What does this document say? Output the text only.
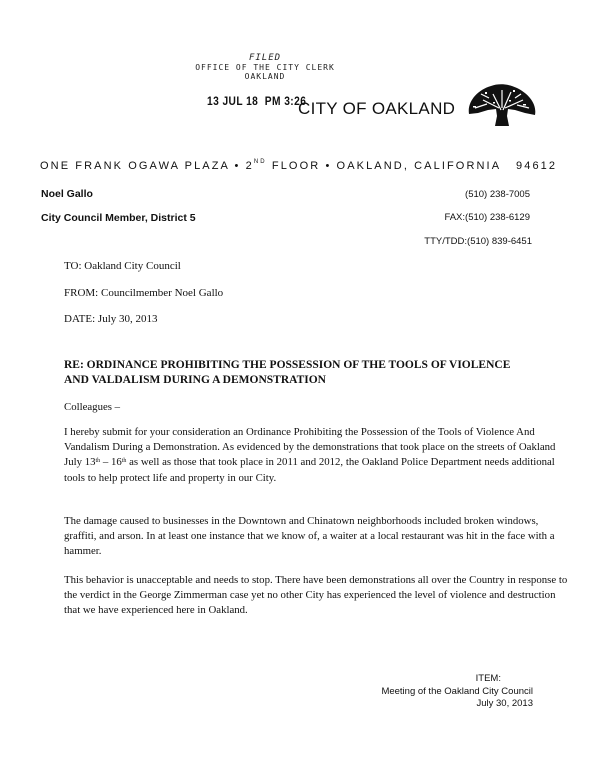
FILED
OFFICE OF THE CITY CLERK
OAKLAND
13 JUL 18  PM 3:26
CITY OF OAKLAND
ONE FRANK OGAWA PLAZA • 2ND FLOOR • OAKLAND, CALIFORNIA   94612
Noel Gallo
City Council Member, District 5
(510) 238-7005
FAX:(510) 238-6129
TTY/TDD:(510) 839-6451
TO: Oakland City Council
FROM: Councilmember Noel Gallo
DATE: July 30, 2013
RE: ORDINANCE PROHIBITING THE POSSESSION OF THE TOOLS OF VIOLENCE
AND VALDALISM DURING A DEMONSTRATION
Colleagues –
I hereby submit for your consideration an Ordinance Prohibiting the Possession of the Tools of Violence And Vandalism During a Demonstration. As evidenced by the demonstrations that took place on the streets of Oakland July 13th – 16th as well as those that took place in 2011 and 2012, the Oakland Police Department needs additional tools to help protect life and property in our City.
The damage caused to businesses in the Downtown and Chinatown neighborhoods included broken windows, graffiti, and arson. In at least one instance that we know of, a waiter at a local restaurant was hit in the face with a hammer.
This behavior is unacceptable and needs to stop. There have been demonstrations all over the Country in response to the verdict in the George Zimmerman case yet no other City has experienced the level of violence and destruction that we have experienced here in Oakland.
ITEM:
Meeting of the Oakland City Council
July 30, 2013
